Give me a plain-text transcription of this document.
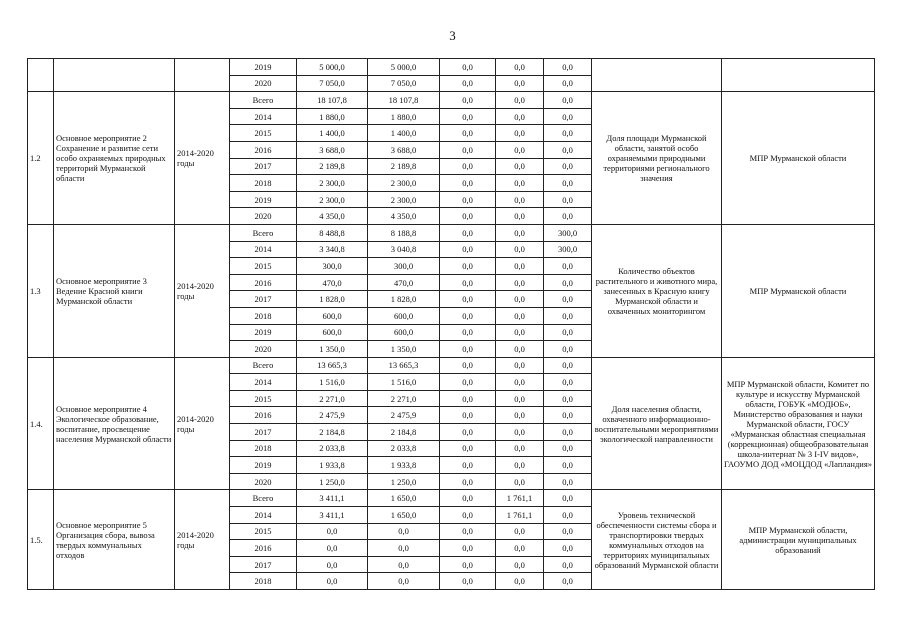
3
			2019	5 000,0	5 000,0	0,0	0,0	0,0		
			2020	7 050,0	7 050,0	0,0	0,0	0,0		
1.2	Основное мероприятие 2 Сохранение и развитие сети особо охраняемых природных территорий Мурманской области	2014-2020 годы	Всего	18 107,8	18 107,8	0,0	0,0	0,0	Доля площади Мурманской области, занятой особо охраняемыми природными территориями регионального значения	МПР Мурманской области
			2014	1 880,0	1 880,0	0,0	0,0	0,0		
			2015	1 400,0	1 400,0	0,0	0,0	0,0		
			2016	3 688,0	3 688,0	0,0	0,0	0,0		
			2017	2 189,8	2 189,8	0,0	0,0	0,0		
			2018	2 300,0	2 300,0	0,0	0,0	0,0		
			2019	2 300,0	2 300,0	0,0	0,0	0,0		
			2020	4 350,0	4 350,0	0,0	0,0	0,0		
1.3	Основное мероприятие 3 Ведение Красной книги Мурманской области	2014-2020 годы	Всего	8 488,8	8 188,8	0,0	0,0	300,0	Количество объектов растительного и животного мира, занесенных в Красную книгу Мурманской области и охваченных мониторингом	МПР Мурманской области
			2014	3 340,8	3 040,8	0,0	0,0	300,0		
			2015	300,0	300,0	0,0	0,0	0,0		
			2016	470,0	470,0	0,0	0,0	0,0		
			2017	1 828,0	1 828,0	0,0	0,0	0,0		
			2018	600,0	600,0	0,0	0,0	0,0		
			2019	600,0	600,0	0,0	0,0	0,0		
			2020	1 350,0	1 350,0	0,0	0,0	0,0		
1.4.	Основное мероприятие 4 Экологическое образование, воспитание, просвещение населения Мурманской области	2014-2020 годы	Всего	13 665,3	13 665,3	0,0	0,0	0,0	Доля населения области, охваченного информационно-воспитательными мероприятиями экологической направленности	МПР Мурманской области, Комитет по культуре и искусству Мурманской области, ГОБУК «МОДЮБ», Министерство образования и науки Мурманской области, ГОСУ «Мурманская областная специальная (коррекционная) общеобразовательная школа-интернат № 3 I-IV видов», ГАОУМО ДОД «МОЦДОД «Лапландия»
			2014	1 516,0	1 516,0	0,0	0,0	0,0		
			2015	2 271,0	2 271,0	0,0	0,0	0,0		
			2016	2 475,9	2 475,9	0,0	0,0	0,0		
			2017	2 184,8	2 184,8	0,0	0,0	0,0		
			2018	2 033,8	2 033,8	0,0	0,0	0,0		
			2019	1 933,8	1 933,8	0,0	0,0	0,0		
			2020	1 250,0	1 250,0	0,0	0,0	0,0		
1.5.	Основное мероприятие 5 Организация сбора, вывоза твердых коммунальных отходов	2014-2020 годы	Всего	3 411,1	1 650,0	0,0	1 761,1	0,0	Уровень технической обеспеченности системы сбора и транспортировки твердых коммунальных отходов на территориях муниципальных образований Мурманской области	МПР Мурманской области, администрации муниципальных образований
			2014	3 411,1	1 650,0	0,0	1 761,1	0,0		
			2015	0,0	0,0	0,0	0,0	0,0		
			2016	0,0	0,0	0,0	0,0	0,0		
			2017	0,0	0,0	0,0	0,0	0,0		
			2018	0,0	0,0	0,0	0,0	0,0		
